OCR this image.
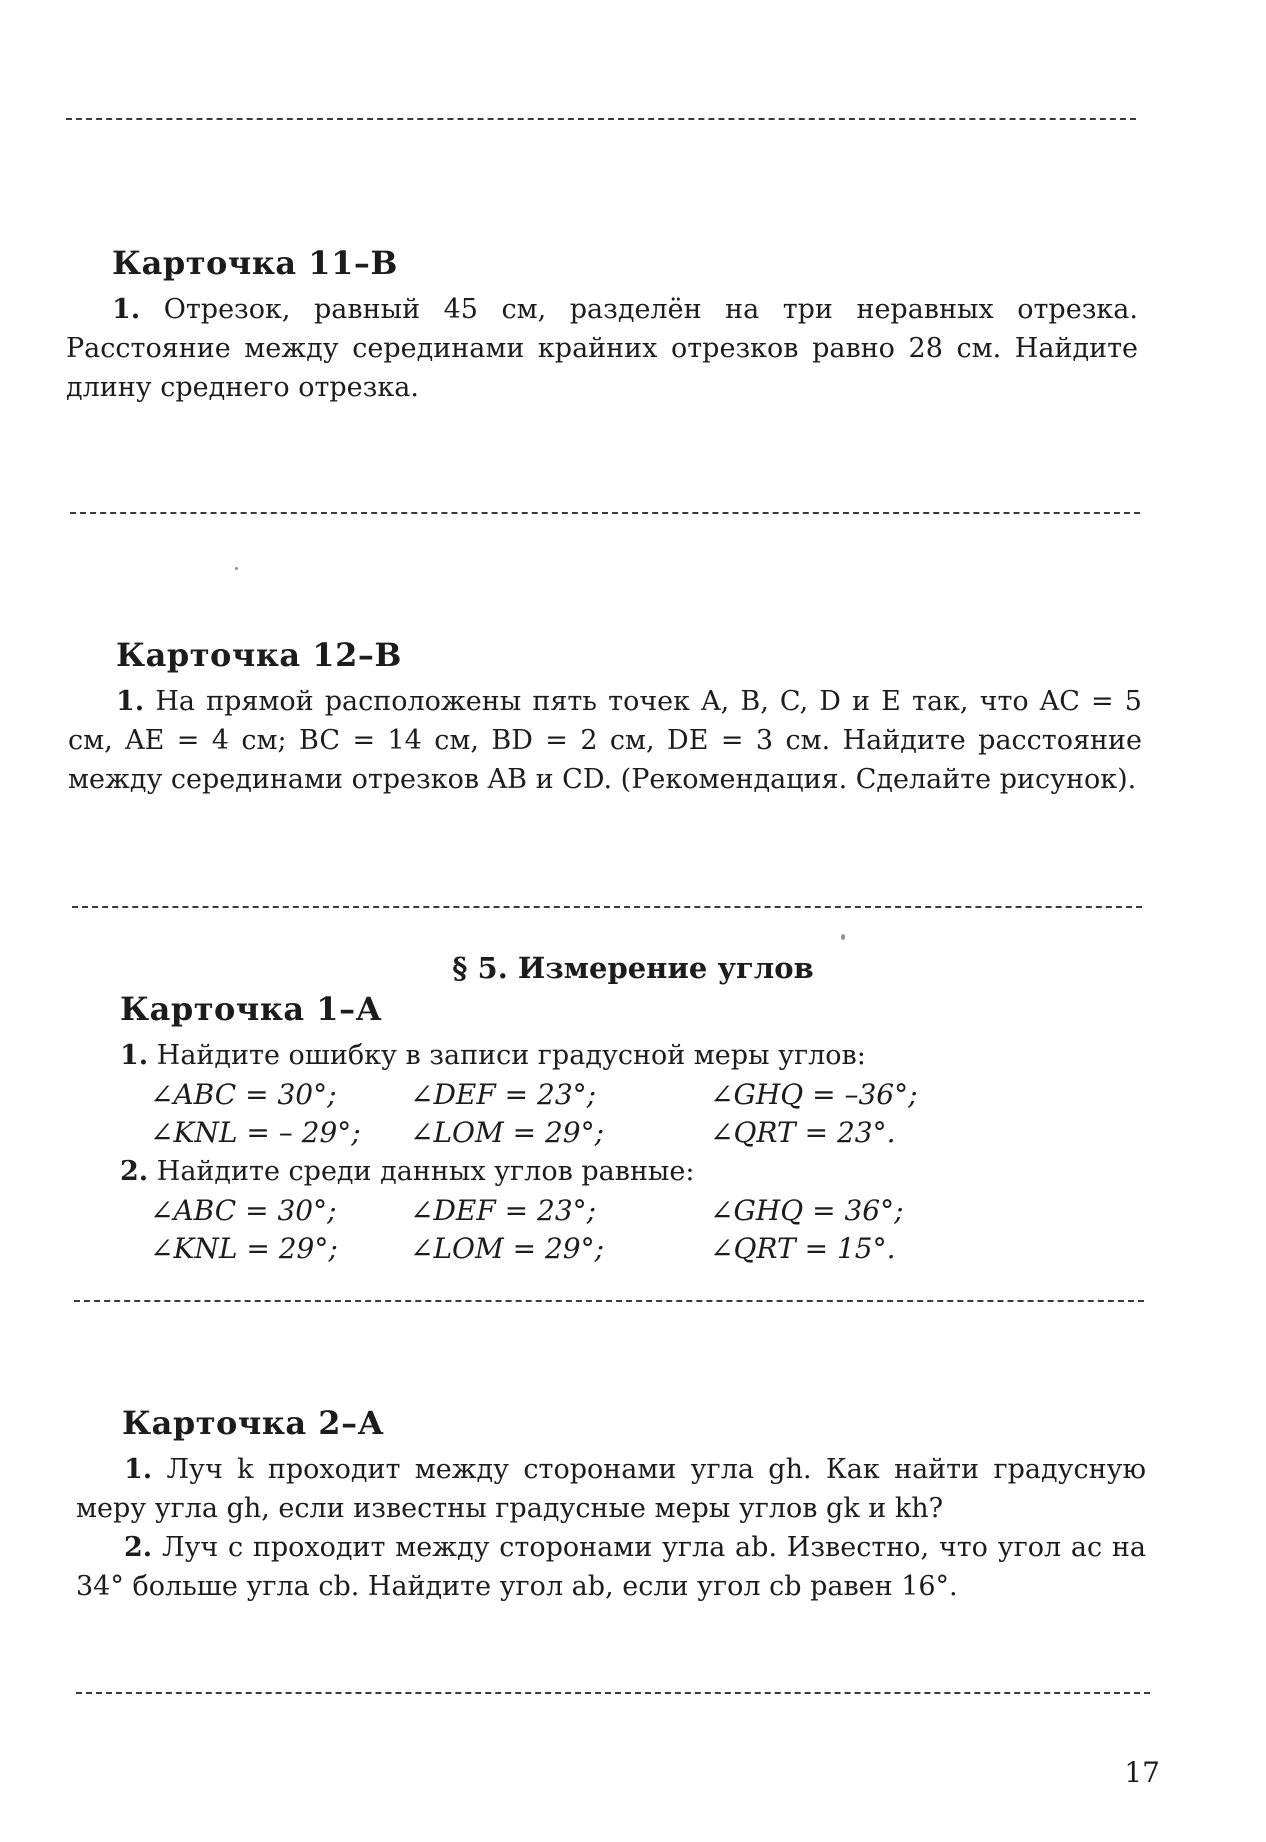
Карточка 11–В
1. Отрезок, равный 45 см, разделён на три неравных отрезка. Расстояние между серединами крайних отрезков равно 28 см. Найдите длину среднего отрезка.
Карточка 12–В
1. На прямой расположены пять точек A, B, C, D и E так, что AC = 5 см, AE = 4 см; BC = 14 см, BD = 2 см, DE = 3 см. Найдите расстояние между серединами отрезков AB и CD. (Рекомендация. Сделайте рисунок).
§ 5. Измерение углов
Карточка 1–А
1. Найдите ошибку в записи градусной меры углов:
∠ABC = 30°;	∠DEF = 23°;	∠GHQ = –36°;
∠KNL = – 29°; ∠LOM = 29°;	∠QRT = 23°.
2. Найдите среди данных углов равные:
∠ABC = 30°;	∠DEF = 23°;	∠GHQ = 36°;
∠KNL = 29°;	∠LOM = 29°;	∠QRT = 15°.
Карточка 2–А
1. Луч k проходит между сторонами угла gh. Как найти градусную меру угла gh, если известны градусные меры углов gk и kh?
2. Луч c проходит между сторонами угла ab. Известно, что угол ac на 34° больше угла cb. Найдите угол ab, если угол cb равен 16°.
17
